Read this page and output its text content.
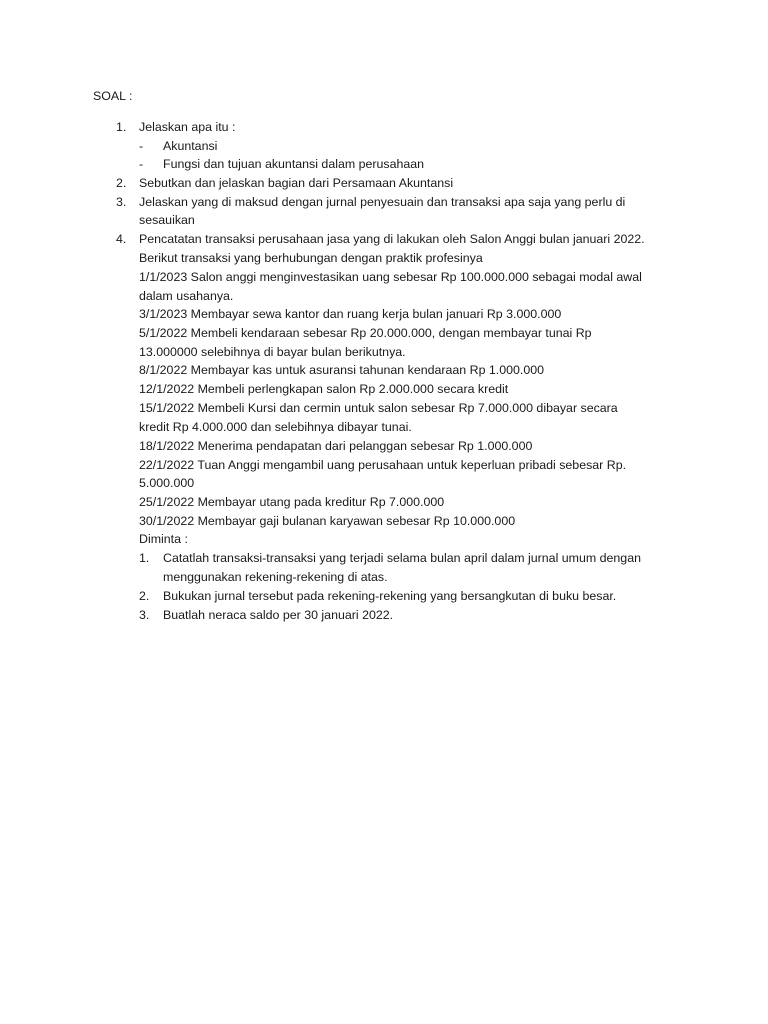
SOAL :
1. Jelaskan apa itu :
- Akuntansi
- Fungsi dan tujuan akuntansi dalam perusahaan
2. Sebutkan dan jelaskan bagian dari Persamaan Akuntansi
3. Jelaskan yang di maksud dengan jurnal penyesuain dan transaksi apa saja yang perlu di
sesauikan
4. Pencatatan transaksi perusahaan jasa yang di lakukan oleh Salon Anggi bulan januari 2022.
Berikut transaksi yang berhubungan dengan praktik profesinya
1/1/2023 Salon anggi menginvestasikan uang sebesar Rp 100.000.000 sebagai modal awal
dalam usahanya.
3/1/2023 Membayar sewa kantor dan ruang kerja bulan januari Rp 3.000.000
5/1/2022 Membeli kendaraan sebesar Rp 20.000.000, dengan membayar tunai Rp
13.000000 selebihnya di bayar bulan berikutnya.
8/1/2022 Membayar kas untuk asuransi tahunan kendaraan Rp 1.000.000
12/1/2022 Membeli perlengkapan salon Rp 2.000.000 secara kredit
15/1/2022 Membeli Kursi dan cermin untuk salon sebesar Rp 7.000.000 dibayar secara
kredit Rp 4.000.000 dan selebihnya dibayar tunai.
18/1/2022 Menerima pendapatan dari pelanggan sebesar Rp 1.000.000
22/1/2022 Tuan Anggi mengambil uang perusahaan untuk keperluan pribadi sebesar Rp.
5.000.000
25/1/2022 Membayar utang pada kreditur Rp 7.000.000
30/1/2022 Membayar gaji bulanan karyawan sebesar Rp 10.000.000
Diminta :
1. Catatlah transaksi-transaksi yang terjadi selama bulan april dalam jurnal umum dengan
menggunakan rekening-rekening di atas.
2. Bukukan jurnal tersebut pada rekening-rekening yang bersangkutan di buku besar.
3. Buatlah neraca saldo per 30 januari 2022.
